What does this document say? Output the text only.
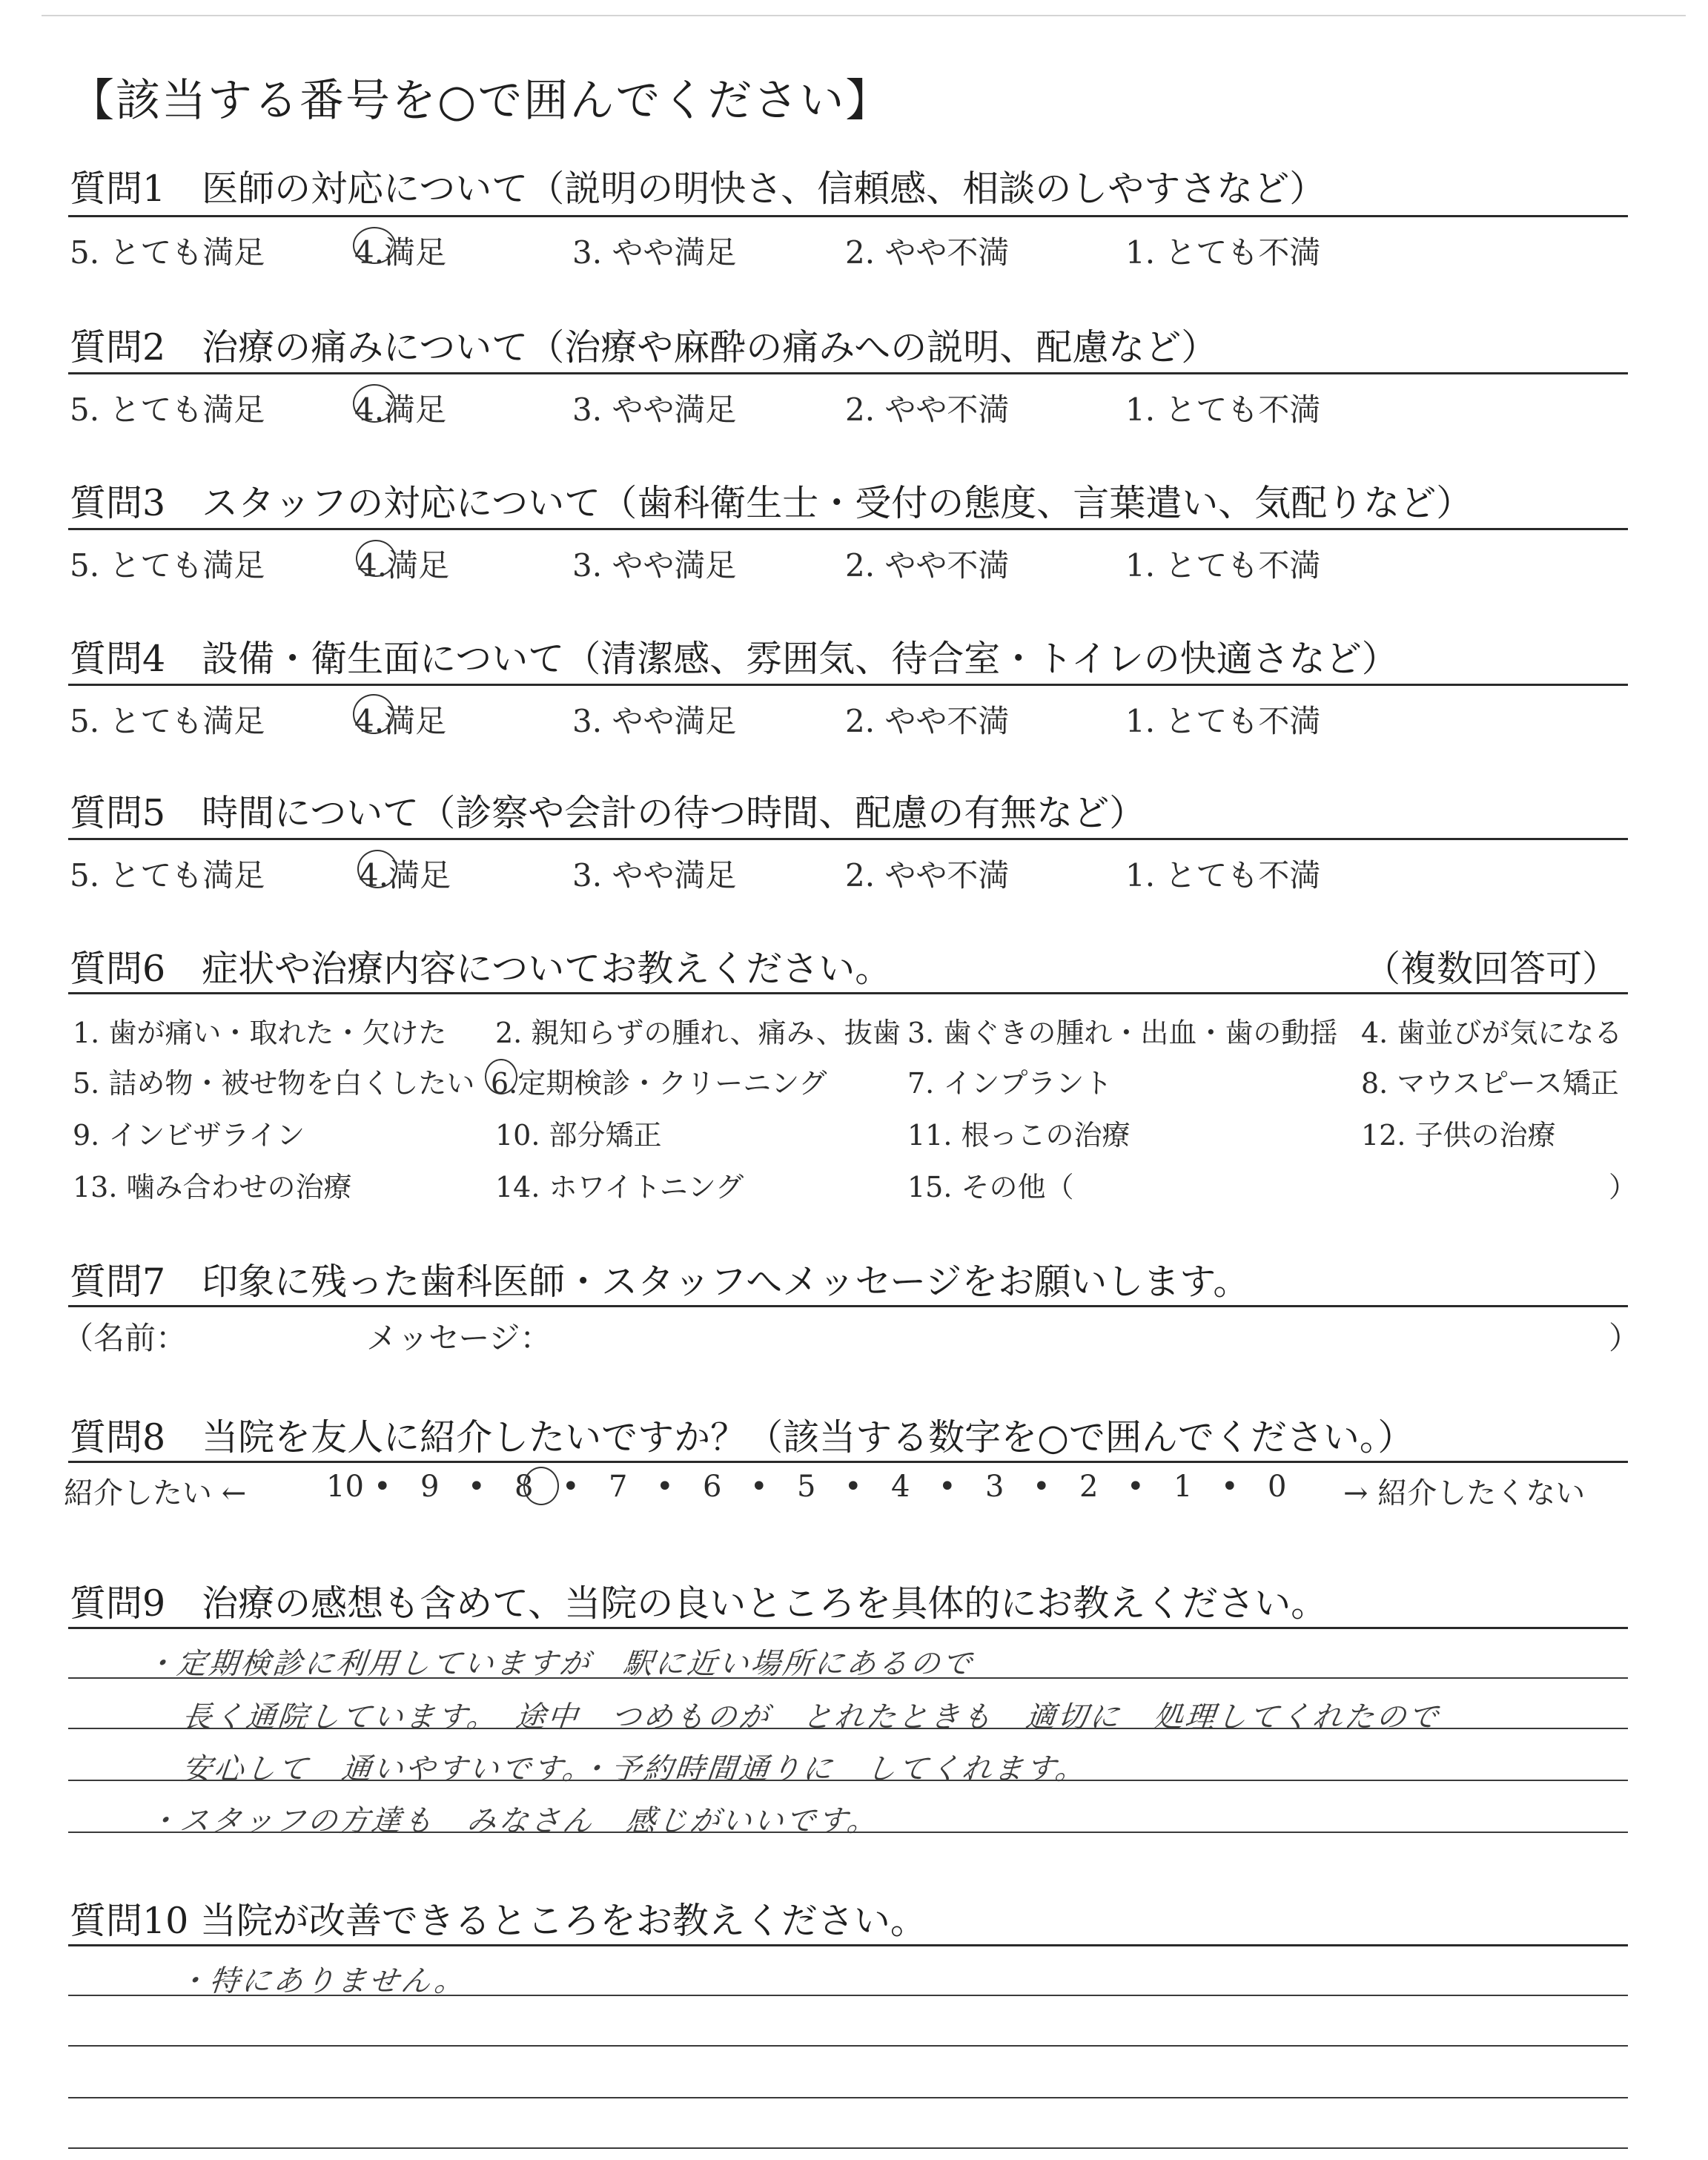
【該当する番号を○で囲んでください】
質問1　医師の対応について（説明の明快さ、信頼感、相談のしやすさなど）
5. とても満足	4.満足	3. やや満足	2. やや不満	1. とても不満
質問2　治療の痛みについて（治療や麻酔の痛みへの説明、配慮など）
5. とても満足	4.満足	3. やや満足	2. やや不満	1. とても不満
質問3　スタッフの対応について（歯科衛生士・受付の態度、言葉遣い、気配りなど）
5. とても満足	4.満足	3. やや満足	2. やや不満	1. とても不満
質問4　設備・衛生面について（清潔感、雰囲気、待合室・トイレの快適さなど）
5. とても満足	4.満足	3. やや満足	2. やや不満	1. とても不満
質問5　時間について（診察や会計の待つ時間、配慮の有無など）
5. とても満足	4.満足	3. やや満足	2. やや不満	1. とても不満
質問6　症状や治療内容についてお教えください。	（複数回答可）
1. 歯が痛い・取れた・欠けた 2. 親知らずの腫れ、痛み、抜歯 3. 歯ぐきの腫れ・出血・歯の動揺 4. 歯並びが気になる
5. 詰め物・被せ物を白くしたい 6.定期検診・クリーニング	7. インプラント	8. マウスピース矯正
9. インビザライン	10. 部分矯正	11. 根っこの治療	12. 子供の治療
13. 噛み合わせの治療	14. ホワイトニング	15. その他（	）
質問7　印象に残った歯科医師・スタッフへメッセージをお願いします。
（名前：	メッセージ：	）
質問8　当院を友人に紹介したいですか？（該当する数字を○で囲んでください。）
紹介したい ←	10 • 9 • 8 • 7 • 6 • 5 • 4 • 3 • 2 • 1 • 0 → 紹介したくない
質問9　治療の感想も含めて、当院の良いところを具体的にお教えください。
・定期検診に利用していますが　駅に近い場所にあるので
長く通院しています。　途中　つめものが　とれたときも　適切に　処理してくれたので
安心して　通いやすいです。・予約時間通りに　してくれます。
・スタッフの方達も　みなさん　感じがいいです。
質問10 当院が改善できるところをお教えください。
・特にありません。
